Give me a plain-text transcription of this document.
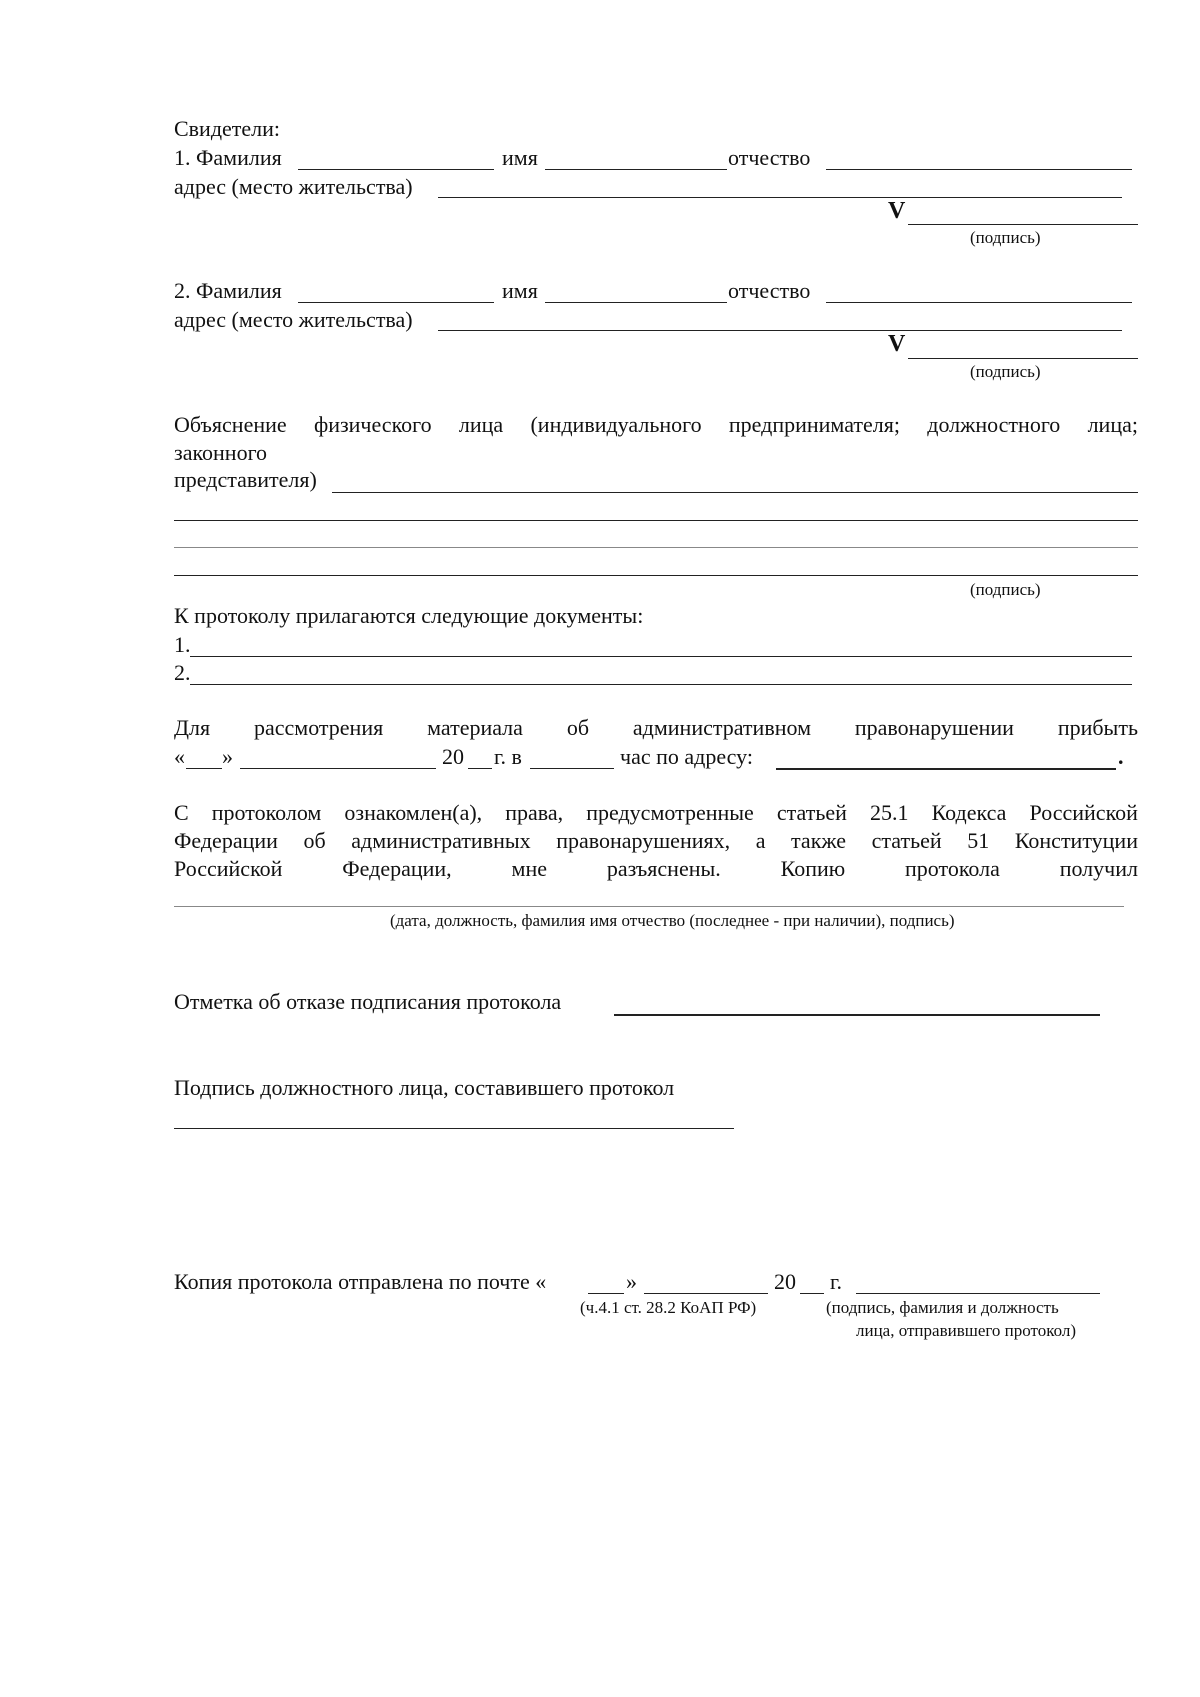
Свидетели:
1. Фамилия	имя	отчество
адрес (место жительства)
V
(подпись)
2. Фамилия	имя	отчество
адрес (место жительства)
V
(подпись)
Объяснение физического лица (индивидуального предпринимателя; должностного лица;
законного
представителя)
(подпись)
К протоколу прилагаются следующие документы:
1.
2.
Для рассмотрения материала об административном правонарушении прибыть
« »	20 г. в	час по адресу:	.
С протоколом ознакомлен(а), права, предусмотренные статьей 25.1 Кодекса Российской
Федерации об административных правонарушениях, а также статьей 51 Конституции
Российской	Федерации,	мне	разъяснены.	Копию	протокола	получил
(дата, должность, фамилия имя отчество (последнее - при наличии), подпись)
Отметка об отказе подписания протокола
Подпись должностного лица, составившего протокол
Копия протокола отправлена по почте «	»	20 г.
(ч.4.1 ст. 28.2 КоАП РФ)	(подпись, фамилия и должность
лица, отправившего протокол)
